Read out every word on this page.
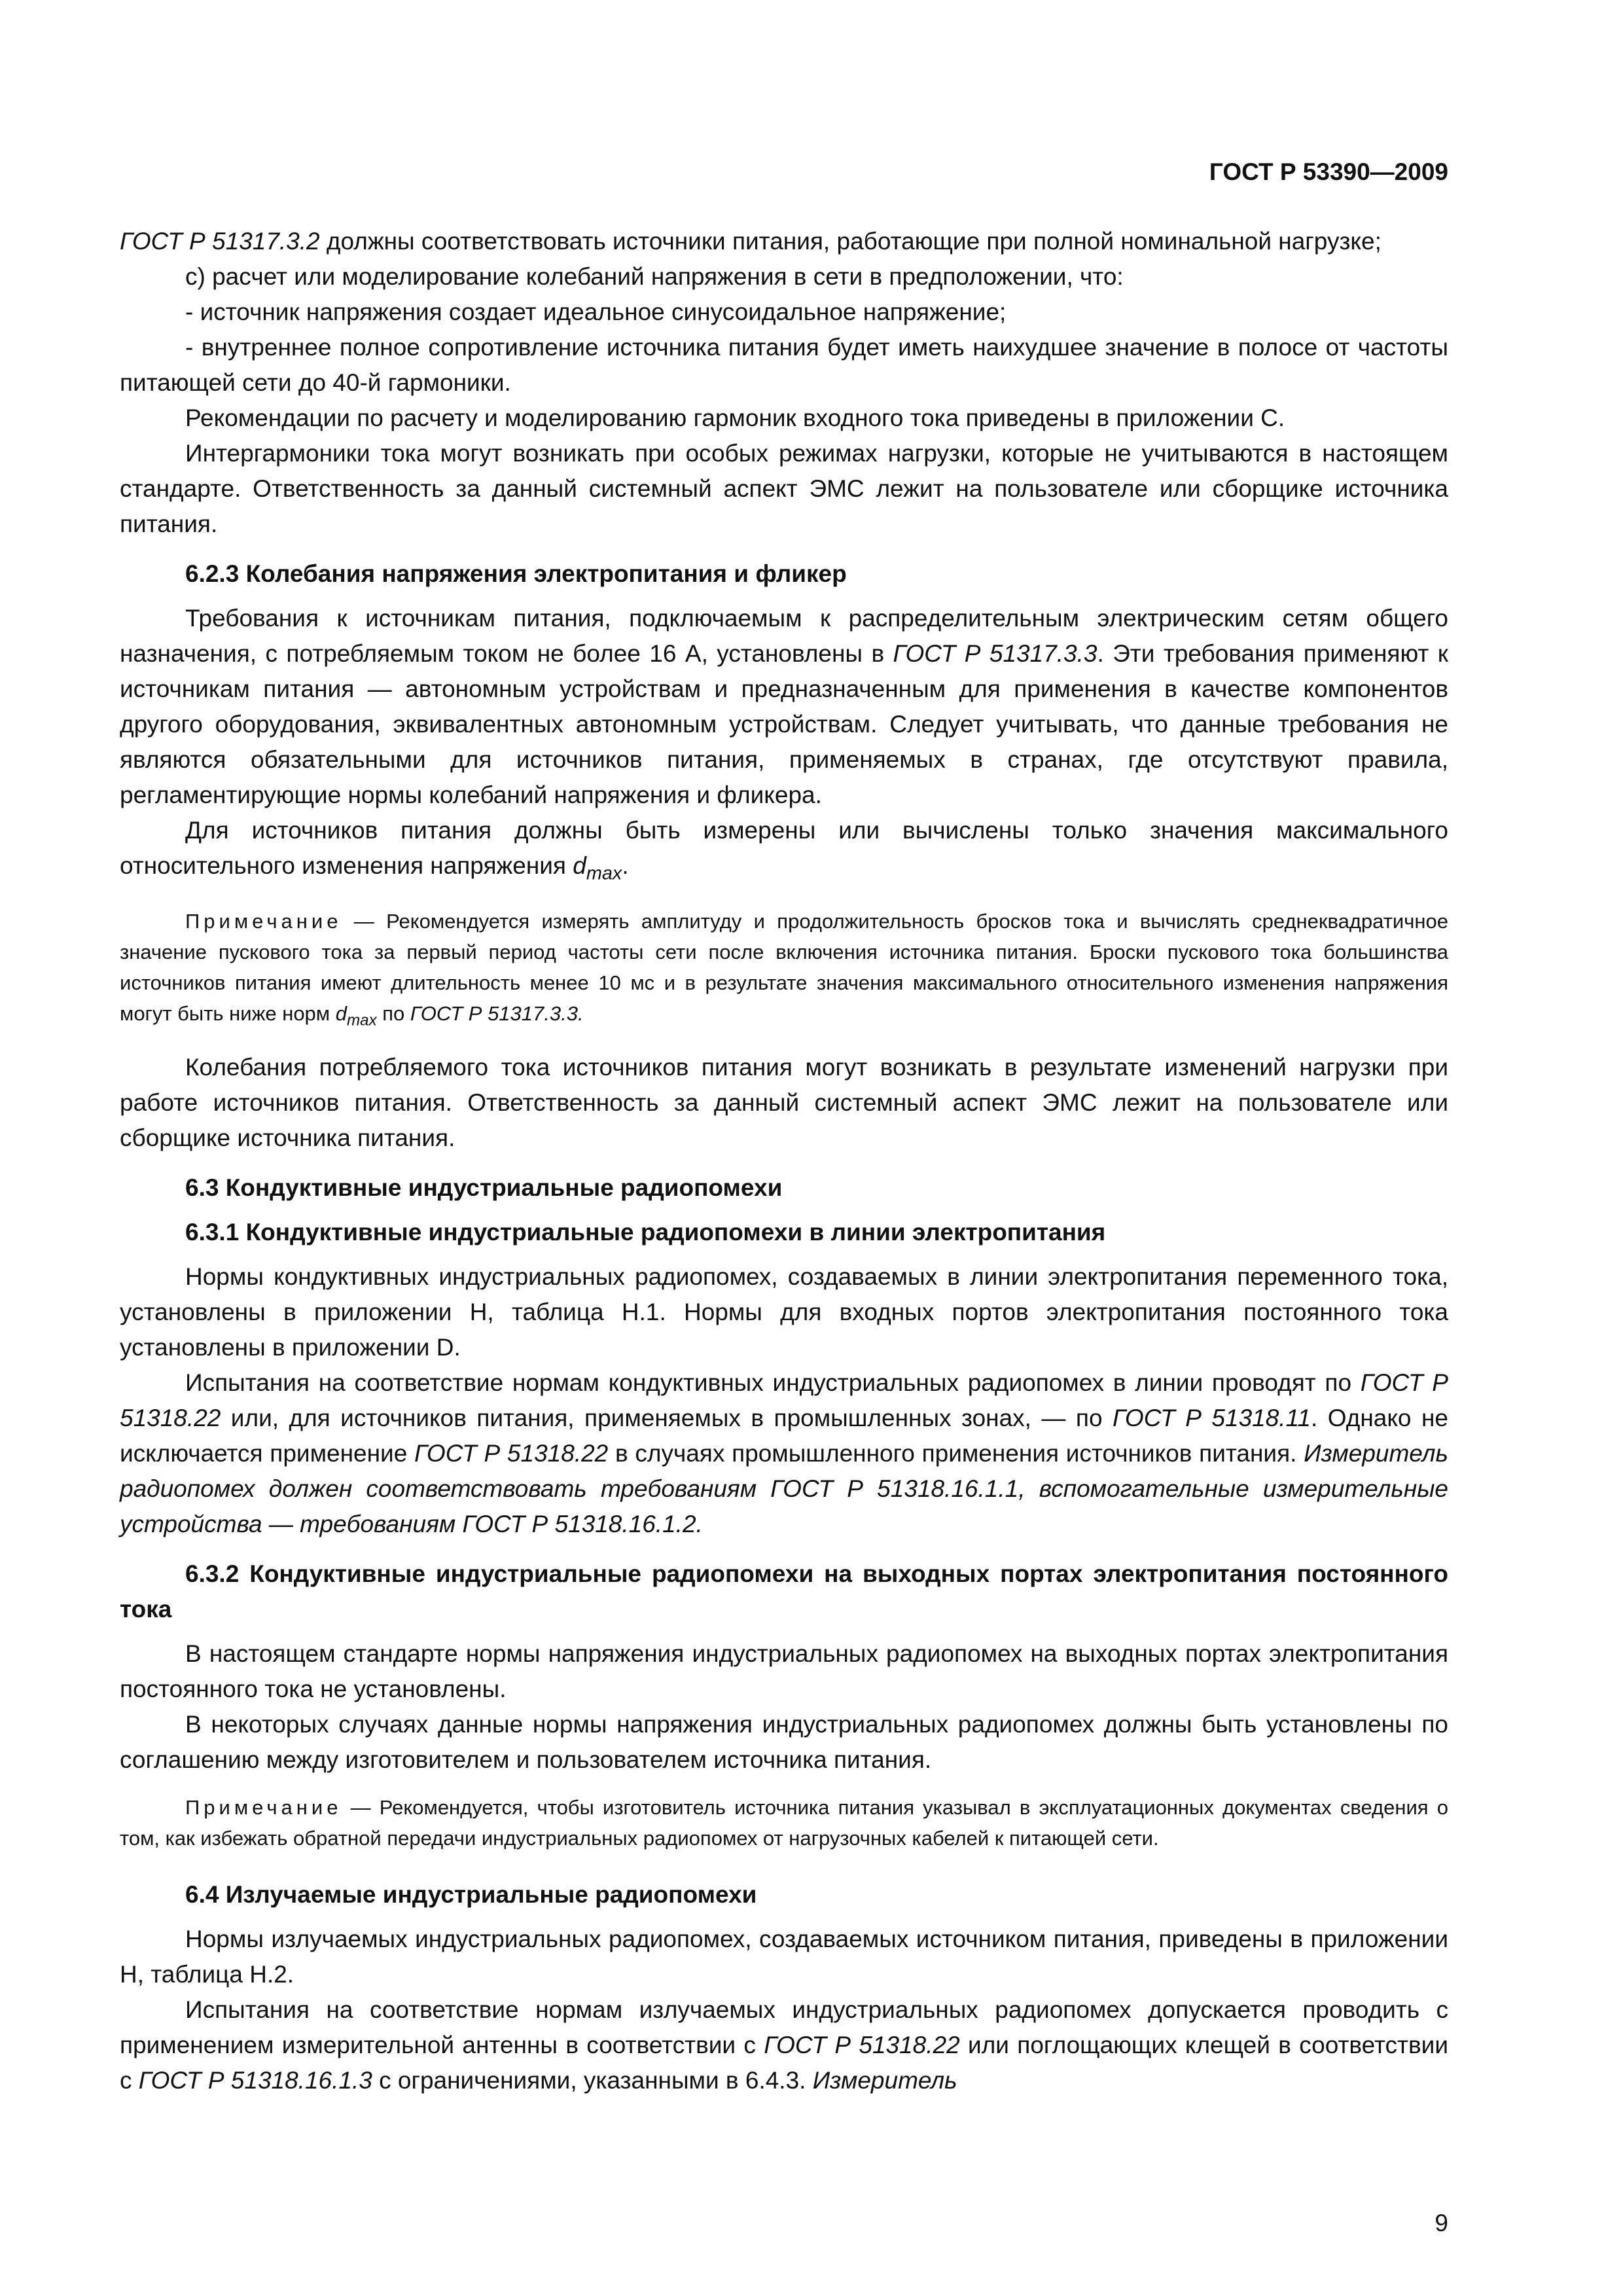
ГОСТ Р 53390—2009

ГОСТ Р 51317.3.2 должны соответствовать источники питания, работающие при полной номинальной нагрузке;

c) расчет или моделирование колебаний напряжения в сети в предположении, что:

- источник напряжения создает идеальное синусоидальное напряжение;

- внутреннее полное сопротивление источника питания будет иметь наихудшее значение в полосе от частоты питающей сети до 40-й гармоники.

Рекомендации по расчету и моделированию гармоник входного тока приведены в приложении С.

Интергармоники тока могут возникать при особых режимах нагрузки, которые не учитываются в настоящем стандарте. Ответственность за данный системный аспект ЭМС лежит на пользователе или сборщике источника питания.

6.2.3 Колебания напряжения электропитания и фликер

Требования к источникам питания, подключаемым к распределительным электрическим сетям общего назначения, с потребляемым током не более 16 А, установлены в ГОСТ Р 51317.3.3. Эти требования применяют к источникам питания — автономным устройствам и предназначенным для применения в качестве компонентов другого оборудования, эквивалентных автономным устройствам. Следует учитывать, что данные требования не являются обязательными для источников питания, применяемых в странах, где отсутствуют правила, регламентирующие нормы колебаний напряжения и фликера.

Для источников питания должны быть измерены или вычислены только значения максимального относительного изменения напряжения $d_{max}$.

Примечание — Рекомендуется измерять амплитуду и продолжительность бросков тока и вычислять среднеквадратичное значение пускового тока за первый период частоты сети после включения источника питания. Броски пускового тока большинства источников питания имеют длительность менее 10 мс и в результате значения максимального относительного изменения напряжения могут быть ниже норм $d_{max}$ по ГОСТ Р 51317.3.3.

Колебания потребляемого тока источников питания могут возникать в результате изменений нагрузки при работе источников питания. Ответственность за данный системный аспект ЭМС лежит на пользователе или сборщике источника питания.

6.3 Кондуктивные индустриальные радиопомехи

6.3.1 Кондуктивные индустриальные радиопомехи в линии электропитания

Нормы кондуктивных индустриальных радиопомех, создаваемых в линии электропитания переменного тока, установлены в приложении Н, таблица Н.1. Нормы для входных портов электропитания постоянного тока установлены в приложении D.

Испытания на соответствие нормам кондуктивных индустриальных радиопомех в линии проводят по ГОСТ Р 51318.22 или, для источников питания, применяемых в промышленных зонах, — по ГОСТ Р 51318.11. Однако не исключается применение ГОСТ Р 51318.22 в случаях промышленного применения источников питания. Измеритель радиопомех должен соответствовать требованиям ГОСТ Р 51318.16.1.1, вспомогательные измерительные устройства — требованиям ГОСТ Р 51318.16.1.2.

6.3.2 Кондуктивные индустриальные радиопомехи на выходных портах электропитания постоянного тока

В настоящем стандарте нормы напряжения индустриальных радиопомех на выходных портах электропитания постоянного тока не установлены.

В некоторых случаях данные нормы напряжения индустриальных радиопомех должны быть установлены по соглашению между изготовителем и пользователем источника питания.

Примечание — Рекомендуется, чтобы изготовитель источника питания указывал в эксплуатационных документах сведения о том, как избежать обратной передачи индустриальных радиопомех от нагрузочных кабелей к питающей сети.

6.4 Излучаемые индустриальные радиопомехи

Нормы излучаемых индустриальных радиопомех, создаваемых источником питания, приведены в приложении Н, таблица Н.2.

Испытания на соответствие нормам излучаемых индустриальных радиопомех допускается проводить с применением измерительной антенны в соответствии с ГОСТ Р 51318.22 или поглощающих клещей в соответствии с ГОСТ Р 51318.16.1.3 с ограничениями, указанными в 6.4.3. Измеритель

9
